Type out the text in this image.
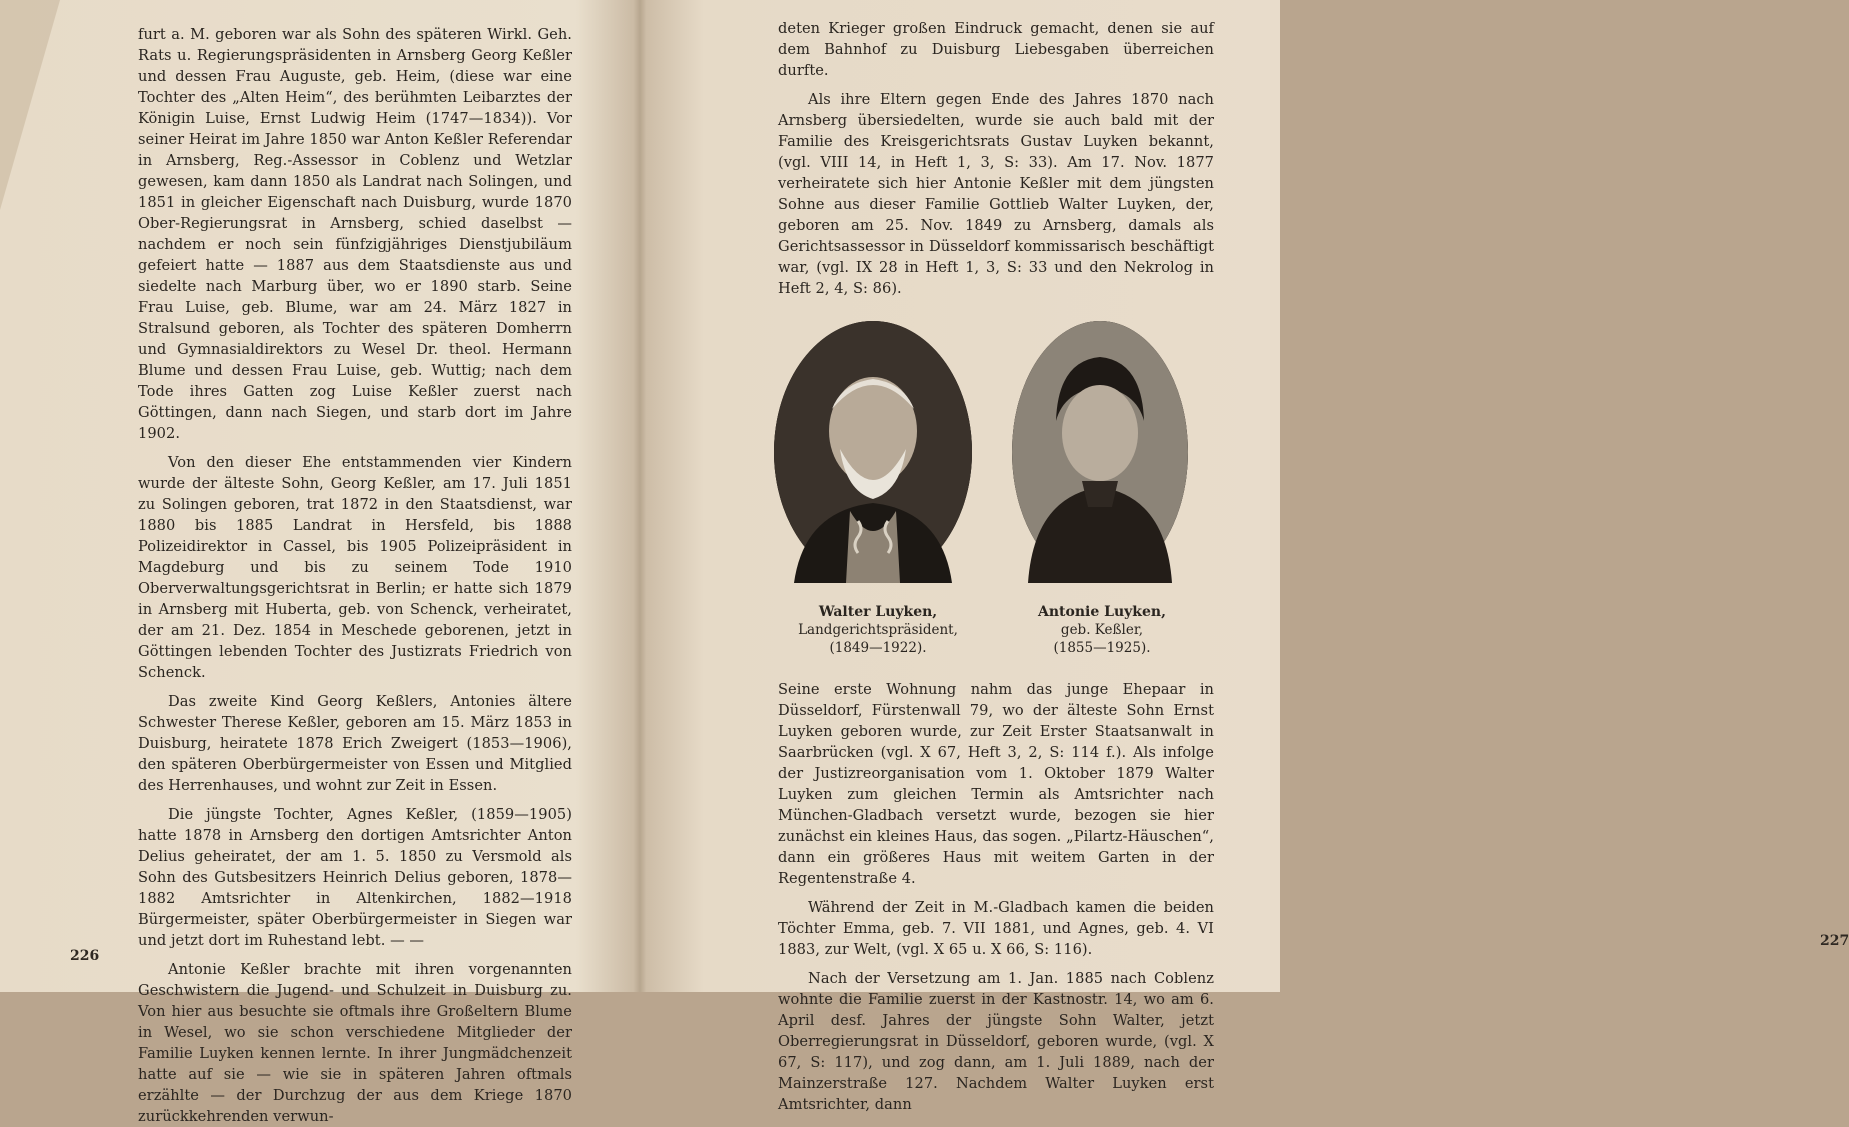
furt a. M. geboren war als Sohn des späteren Wirkl. Geh. Rats u. Regierungspräsidenten in Arnsberg Georg Keßler und dessen Frau Auguste, geb. Heim, (diese war eine Tochter des „Alten Heim“, des berühmten Leibarztes der Königin Luise, Ernst Ludwig Heim (1747—1834)). Vor seiner Heirat im Jahre 1850 war Anton Keßler Referendar in Arnsberg, Reg.-Assessor in Coblenz und Wetzlar gewesen, kam dann 1850 als Landrat nach Solingen, und 1851 in gleicher Eigenschaft nach Duisburg, wurde 1870 Ober-Regierungsrat in Arnsberg, schied daselbst — nachdem er noch sein fünfzigjähriges Dienstjubiläum gefeiert hatte — 1887 aus dem Staatsdienste aus und siedelte nach Marburg über, wo er 1890 starb. Seine Frau Luise, geb. Blume, war am 24. März 1827 in Stralsund geboren, als Tochter des späteren Domherrn und Gymnasialdirektors zu Wesel Dr. theol. Hermann Blume und dessen Frau Luise, geb. Wuttig; nach dem Tode ihres Gatten zog Luise Keßler zuerst nach Göttingen, dann nach Siegen, und starb dort im Jahre 1902.

Von den dieser Ehe entstammenden vier Kindern wurde der älteste Sohn, Georg Keßler, am 17. Juli 1851 zu Solingen geboren, trat 1872 in den Staatsdienst, war 1880 bis 1885 Landrat in Hersfeld, bis 1888 Polizeidirektor in Cassel, bis 1905 Polizeipräsident in Magdeburg und bis zu seinem Tode 1910 Oberverwaltungsgerichtsrat in Berlin; er hatte sich 1879 in Arnsberg mit Huberta, geb. von Schenck, verheiratet, der am 21. Dez. 1854 in Meschede geborenen, jetzt in Göttingen lebenden Tochter des Justizrats Friedrich von Schenck.

Das zweite Kind Georg Keßlers, Antonies ältere Schwester Therese Keßler, geboren am 15. März 1853 in Duisburg, heiratete 1878 Erich Zweigert (1853—1906), den späteren Oberbürgermeister von Essen und Mitglied des Herrenhauses, und wohnt zur Zeit in Essen.

Die jüngste Tochter, Agnes Keßler, (1859—1905) hatte 1878 in Arnsberg den dortigen Amtsrichter Anton Delius geheiratet, der am 1. 5. 1850 zu Versmold als Sohn des Gutsbesitzers Heinrich Delius geboren, 1878—1882 Amtsrichter in Altenkirchen, 1882—1918 Bürgermeister, später Oberbürgermeister in Siegen war und jetzt dort im Ruhestand lebt. — —

Antonie Keßler brachte mit ihren vorgenannten Geschwistern die Jugend- und Schulzeit in Duisburg zu. Von hier aus besuchte sie oftmals ihre Großeltern Blume in Wesel, wo sie schon verschiedene Mitglieder der Familie Luyken kennen lernte. In ihrer Jungmädchenzeit hatte auf sie — wie sie in späteren Jahren oftmals erzählte — der Durchzug der aus dem Kriege 1870 zurückkehrenden verwun-

226

deten Krieger großen Eindruck gemacht, denen sie auf dem Bahnhof zu Duisburg Liebesgaben überreichen durfte.

Als ihre Eltern gegen Ende des Jahres 1870 nach Arnsberg übersiedelten, wurde sie auch bald mit der Familie des Kreisgerichtsrats Gustav Luyken bekannt, (vgl. VIII 14, in Heft 1, 3, S: 33). Am 17. Nov. 1877 verheiratete sich hier Antonie Keßler mit dem jüngsten Sohne aus dieser Familie Gottlieb Walter Luyken, der, geboren am 25. Nov. 1849 zu Arnsberg, damals als Gerichtsassessor in Düsseldorf kommissarisch beschäftigt war, (vgl. IX 28 in Heft 1, 3, S: 33 und den Nekrolog in Heft 2, 4, S: 86).

Walter Luyken,
Landgerichtspräsident,
(1849—1922).
Antonie Luyken,
geb. Keßler,
(1855—1925).

Seine erste Wohnung nahm das junge Ehepaar in Düsseldorf, Fürstenwall 79, wo der älteste Sohn Ernst Luyken geboren wurde, zur Zeit Erster Staatsanwalt in Saarbrücken (vgl. X 67, Heft 3, 2, S: 114 f.). Als infolge der Justizreorganisation vom 1. Oktober 1879 Walter Luyken zum gleichen Termin als Amtsrichter nach München-Gladbach versetzt wurde, bezogen sie hier zunächst ein kleines Haus, das sogen. „Pilartz-Häuschen“, dann ein größeres Haus mit weitem Garten in der Regentenstraße 4.

Während der Zeit in M.-Gladbach kamen die beiden Töchter Emma, geb. 7. VII 1881, und Agnes, geb. 4. VI 1883, zur Welt, (vgl. X 65 u. X 66, S: 116).

Nach der Versetzung am 1. Jan. 1885 nach Coblenz wohnte die Familie zuerst in der Kastnostr. 14, wo am 6. April desf. Jahres der jüngste Sohn Walter, jetzt Oberregierungsrat in Düsseldorf, geboren wurde, (vgl. X 67, S: 117), und zog dann, am 1. Juli 1889, nach der Mainzerstraße 127. Nachdem Walter Luyken erst Amtsrichter, dann

227
